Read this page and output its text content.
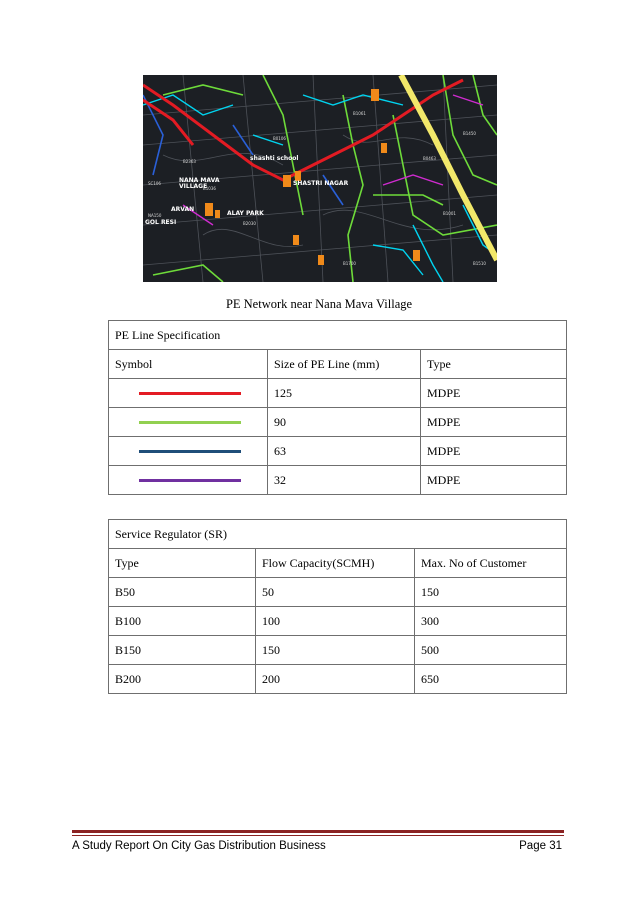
SC106
NA150
B2363
B1036
B0106
B1061
B0463
B1450
B1001
B2030
B1700	B1510
NANA MAVA
VILLAGE
ARVAN
GOL RESI
shashti school
SHASTRI NAGAR
ALAY PARK
PE Network near Nana Mava Village
PE Line Specification		
Symbol	Size of PE Line (mm)	Type

	125	MDPE

	90	MDPE

	63	MDPE

	32	MDPE
Service Regulator (SR)		
Type	Flow Capacity(SCMH)	Max. No of Customer
B50	50	150
B100	100	300
B150	150	500
B200	200	650
A Study Report On City Gas Distribution Business	Page 31
